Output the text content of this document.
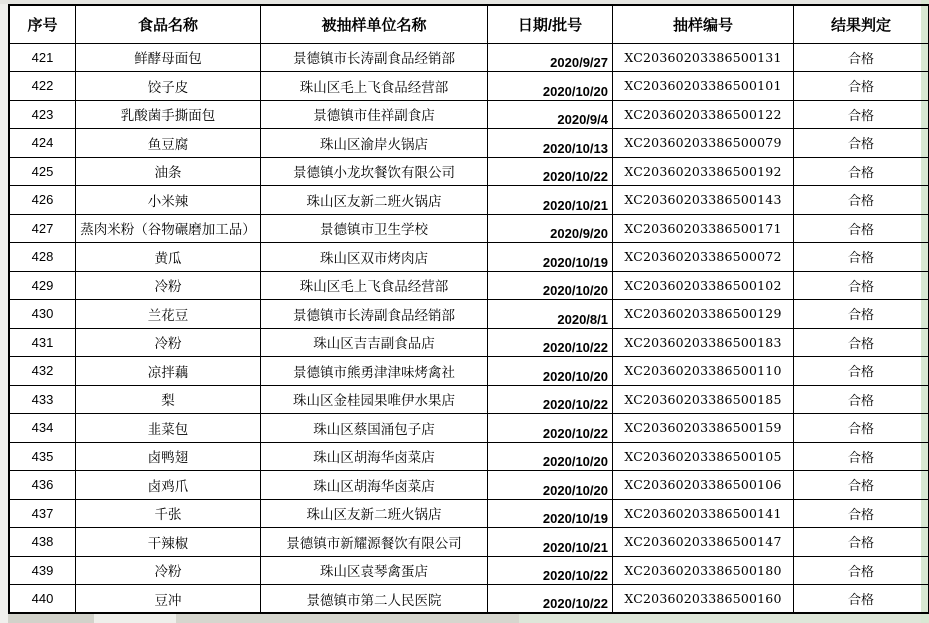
序号	食品名称	被抽样单位名称	日期/批号	抽样编号	结果判定
421	鲜酵母面包	景德镇市长涛副食品经销部	2020/9/27	XC20360203386500131	合格
422	饺子皮	珠山区毛上飞食品经营部	2020/10/20	XC20360203386500101	合格
423	乳酸菌手撕面包	景德镇市佳祥副食店	2020/9/4	XC20360203386500122	合格
424	鱼豆腐	珠山区渝岸火锅店	2020/10/13	XC20360203386500079	合格
425	油条	景德镇小龙坎餐饮有限公司	2020/10/22	XC20360203386500192	合格
426	小米辣	珠山区友新二班火锅店	2020/10/21	XC20360203386500143	合格
427	蒸肉米粉（谷物碾磨加工品）	景德镇市卫生学校	2020/9/20	XC20360203386500171	合格
428	黄瓜	珠山区双市烤肉店	2020/10/19	XC20360203386500072	合格
429	冷粉	珠山区毛上飞食品经营部	2020/10/20	XC20360203386500102	合格
430	兰花豆	景德镇市长涛副食品经销部	2020/8/1	XC20360203386500129	合格
431	冷粉	珠山区吉吉副食品店	2020/10/22	XC20360203386500183	合格
432	凉拌藕	景德镇市熊勇津津味烤禽社	2020/10/20	XC20360203386500110	合格
433	梨	珠山区金桂园果唯伊水果店	2020/10/22	XC20360203386500185	合格
434	韭菜包	珠山区蔡国涌包子店	2020/10/22	XC20360203386500159	合格
435	卤鸭翅	珠山区胡海华卤菜店	2020/10/20	XC20360203386500105	合格
436	卤鸡爪	珠山区胡海华卤菜店	2020/10/20	XC20360203386500106	合格
437	千张	珠山区友新二班火锅店	2020/10/19	XC20360203386500141	合格
438	干辣椒	景德镇市新耀源餐饮有限公司	2020/10/21	XC20360203386500147	合格
439	冷粉	珠山区袁琴禽蛋店	2020/10/22	XC20360203386500180	合格
440	豆冲	景德镇市第二人民医院	2020/10/22	XC20360203386500160	合格
